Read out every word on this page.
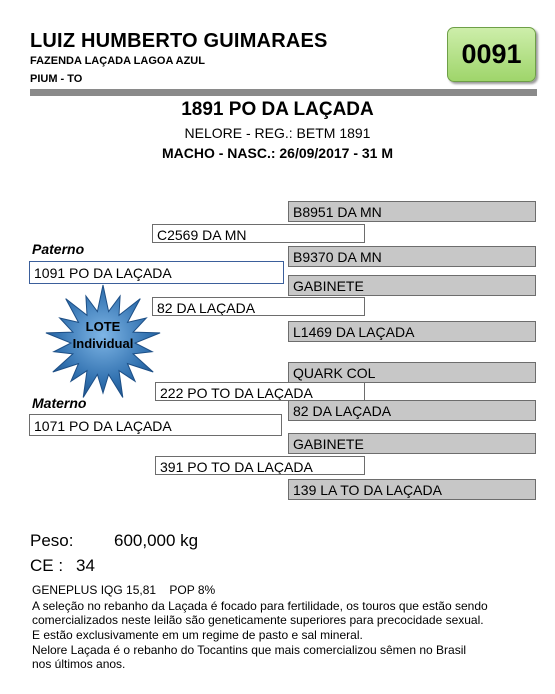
LUIZ HUMBERTO GUIMARAES
FAZENDA LAÇADA LAGOA AZUL
PIUM - TO
0091
1891 PO DA LAÇADA
NELORE - REG.: BETM 1891
MACHO - NASC.: 26/09/2017 - 31 M
B8951 DA MN
B9370 DA MN
GABINETE
L1469 DA LAÇADA
QUARK COL
82 DA LAÇADA
GABINETE
139 LA TO DA LAÇADA
C2569 DA MN
82 DA LAÇADA
222 PO TO DA LAÇADA
391 PO TO DA LAÇADA
Paterno
1091 PO DA LAÇADA
Materno
1071 PO DA LAÇADA
LOTE
Individual
Peso: 600,000 kg
CE : 34
GENEPLUS IQG 15,81    POP 8%
A seleção no rebanho da Laçada é focado para fertilidade, os touros que estão sendo
comercializados neste leilão são geneticamente superiores para precocidade sexual.
E estão exclusivamente em um regime de pasto e sal mineral.
Nelore Laçada é o rebanho do Tocantins que mais comercializou sêmen no Brasil
nos últimos anos.
